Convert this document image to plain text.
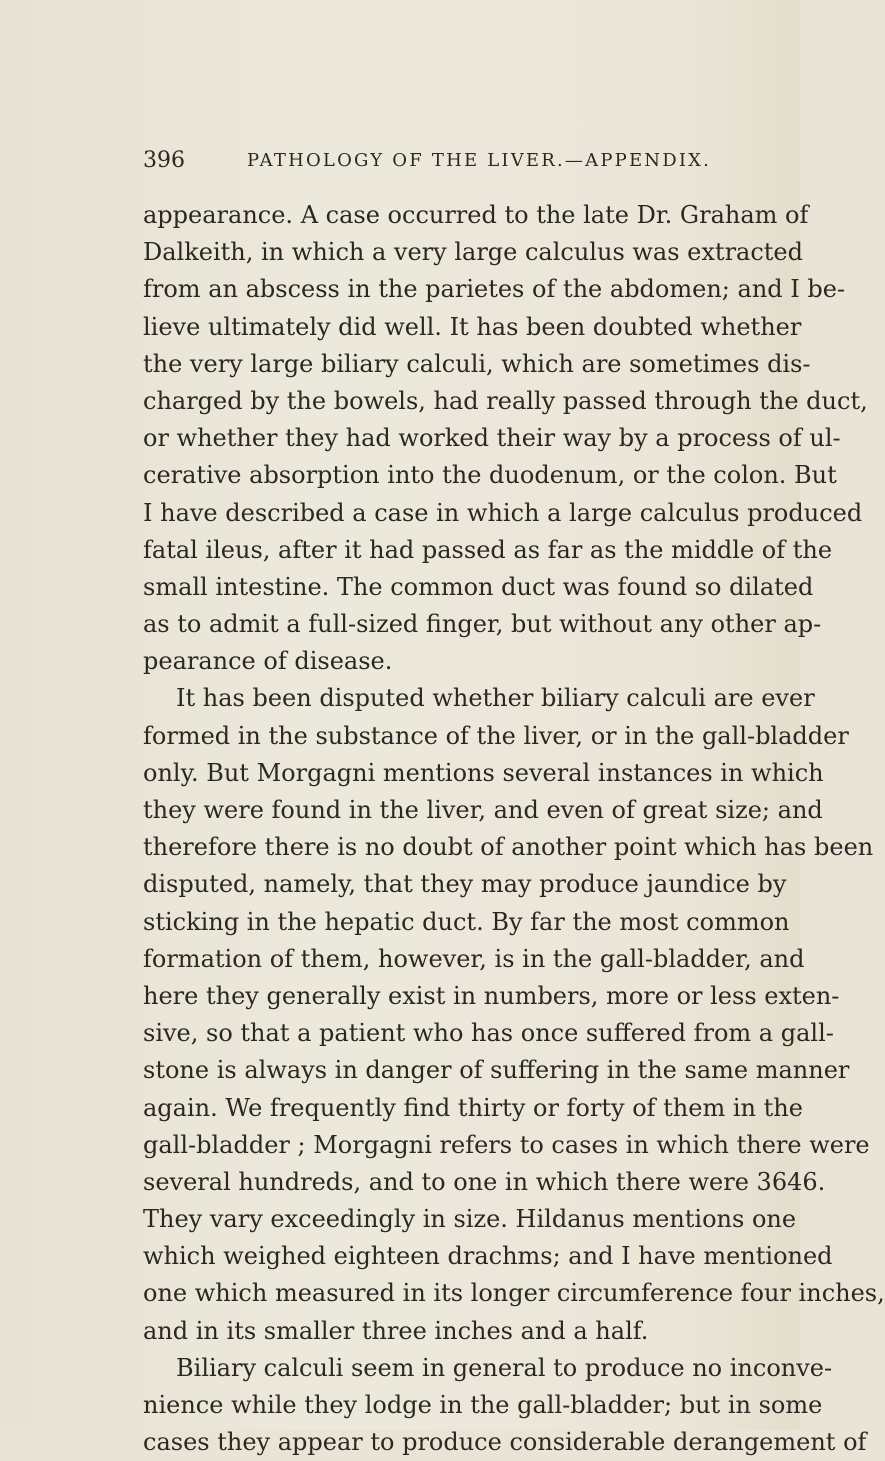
396	PATHOLOGY OF THE LIVER.—APPENDIX.
appearance. A case occurred to the late Dr. Graham of
Dalkeith, in which a very large calculus was extracted
from an abscess in the parietes of the abdomen; and I be-
lieve ultimately did well. It has been doubted whether
the very large biliary calculi, which are sometimes dis-
charged by the bowels, had really passed through the duct,
or whether they had worked their way by a process of ul-
cerative absorption into the duodenum, or the colon. But
I have described a case in which a large calculus produced
fatal ileus, after it had passed as far as the middle of the
small intestine. The common duct was found so dilated
as to admit a full-sized finger, but without any other ap-
pearance of disease.
It has been disputed whether biliary calculi are ever
formed in the substance of the liver, or in the gall-bladder
only. But Morgagni mentions several instances in which
they were found in the liver, and even of great size; and
therefore there is no doubt of another point which has been
disputed, namely, that they may produce jaundice by
sticking in the hepatic duct. By far the most common
formation of them, however, is in the gall-bladder, and
here they generally exist in numbers, more or less exten-
sive, so that a patient who has once suffered from a gall-
stone is always in danger of suffering in the same manner
again. We frequently find thirty or forty of them in the
gall-bladder ; Morgagni refers to cases in which there were
several hundreds, and to one in which there were 3646.
They vary exceedingly in size. Hildanus mentions one
which weighed eighteen drachms; and I have mentioned
one which measured in its longer circumference four inches,
and in its smaller three inches and a half.
Biliary calculi seem in general to produce no inconve-
nience while they lodge in the gall-bladder; but in some
cases they appear to produce considerable derangement of
